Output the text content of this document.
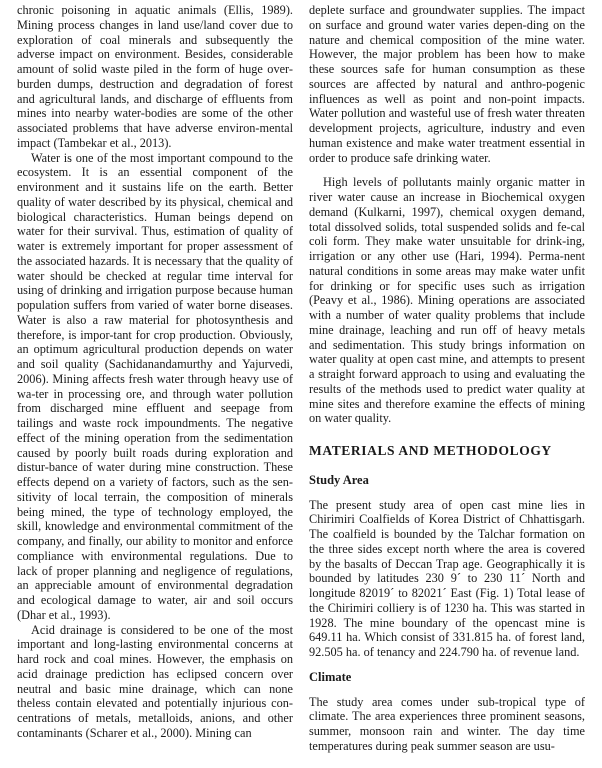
chronic poisoning in aquatic animals (Ellis, 1989). Mining process changes in land use/land cover due to exploration of coal minerals and subsequently the adverse impact on environment. Besides, considerable amount of solid waste piled in the form of huge over-burden dumps, destruction and degradation of forest and agricultural lands, and discharge of effluents from mines into nearby water-bodies are some of the other associated problems that have adverse environ-mental impact (Tambekar et al., 2013).

Water is one of the most important compound to the ecosystem. It is an essential component of the environment and it sustains life on the earth. Better quality of water described by its physical, chemical and biological characteristics. Human beings depend on water for their survival. Thus, estimation of quality of water is extremely important for proper assessment of the associated hazards. It is necessary that the quality of water should be checked at regular time interval for using of drinking and irrigation purpose because human population suffers from varied of water borne diseases. Water is also a raw material for photosynthesis and therefore, is impor-tant for crop production. Obviously, an optimum agricultural production depends on water and soil quality (Sachidanandamurthy and Yajurvedi, 2006). Mining affects fresh water through heavy use of wa-ter in processing ore, and through water pollution from discharged mine effluent and seepage from tailings and waste rock impoundments. The negative effect of the mining operation from the sedimentation caused by poorly built roads during exploration and distur-bance of water during mine construction. These effects depend on a variety of factors, such as the sen-sitivity of local terrain, the composition of minerals being mined, the type of technology employed, the skill, knowledge and environmental commitment of the company, and finally, our ability to monitor and enforce compliance with environmental regulations. Due to lack of proper planning and negligence of regulations, an appreciable amount of environmental degradation and ecological damage to water, air and soil occurs (Dhar et al., 1993).

Acid drainage is considered to be one of the most important and long-lasting environmental concerns at hard rock and coal mines. However, the emphasis on acid drainage prediction has eclipsed concern over neutral and basic mine drainage, which can none theless contain elevated and potentially injurious con-centrations of metals, metalloids, anions, and other contaminants (Scharer et al., 2000). Mining can

deplete surface and groundwater supplies. The impact on surface and ground water varies depen-ding on the nature and chemical composition of the mine water. However, the major problem has been how to make these sources safe for human consumption as these sources are affected by natural and anthro-pogenic influences as well as point and non-point impacts. Water pollution and wasteful use of fresh water threaten development projects, agriculture, industry and even human existence and make water treatment essential in order to produce safe drinking water.

High levels of pollutants mainly organic matter in river water cause an increase in Biochemical oxygen demand (Kulkarni, 1997), chemical oxygen demand, total dissolved solids, total suspended solids and fe-cal coli form. They make water unsuitable for drink-ing, irrigation or any other use (Hari, 1994). Perma-nent natural conditions in some areas may make water unfit for drinking or for specific uses such as irrigation (Peavy et al., 1986). Mining operations are associated with a number of water quality problems that include mine drainage, leaching and run off of heavy metals and sedimentation. This study brings information on water quality at open cast mine, and attempts to present a straight forward approach to using and evaluating the results of the methods used to predict water quality at mine sites and therefore examine the effects of mining on water quality.

MATERIALS AND METHODOLOGY
Study Area

The present study area of open cast mine lies in Chirimiri Coalfields of Korea District of Chhattisgarh. The coalfield is bounded by the Talchar formation on the three sides except north where the area is covered by the basalts of Deccan Trap age. Geographically it is bounded by latitudes 230 9´ to 230 11´ North and longitude 82019´ to 82021´ East (Fig. 1) Total lease of the Chirimiri colliery is of 1230 ha. This was started in 1928. The mine boundary of the opencast mine is 649.11 ha. Which consist of 331.815 ha. of forest land, 92.505 ha. of tenancy and 224.790 ha. of revenue land.

Climate

The study area comes under sub-tropical type of climate. The area experiences three prominent seasons, summer, monsoon rain and winter. The day time temperatures during peak summer season are usu-
